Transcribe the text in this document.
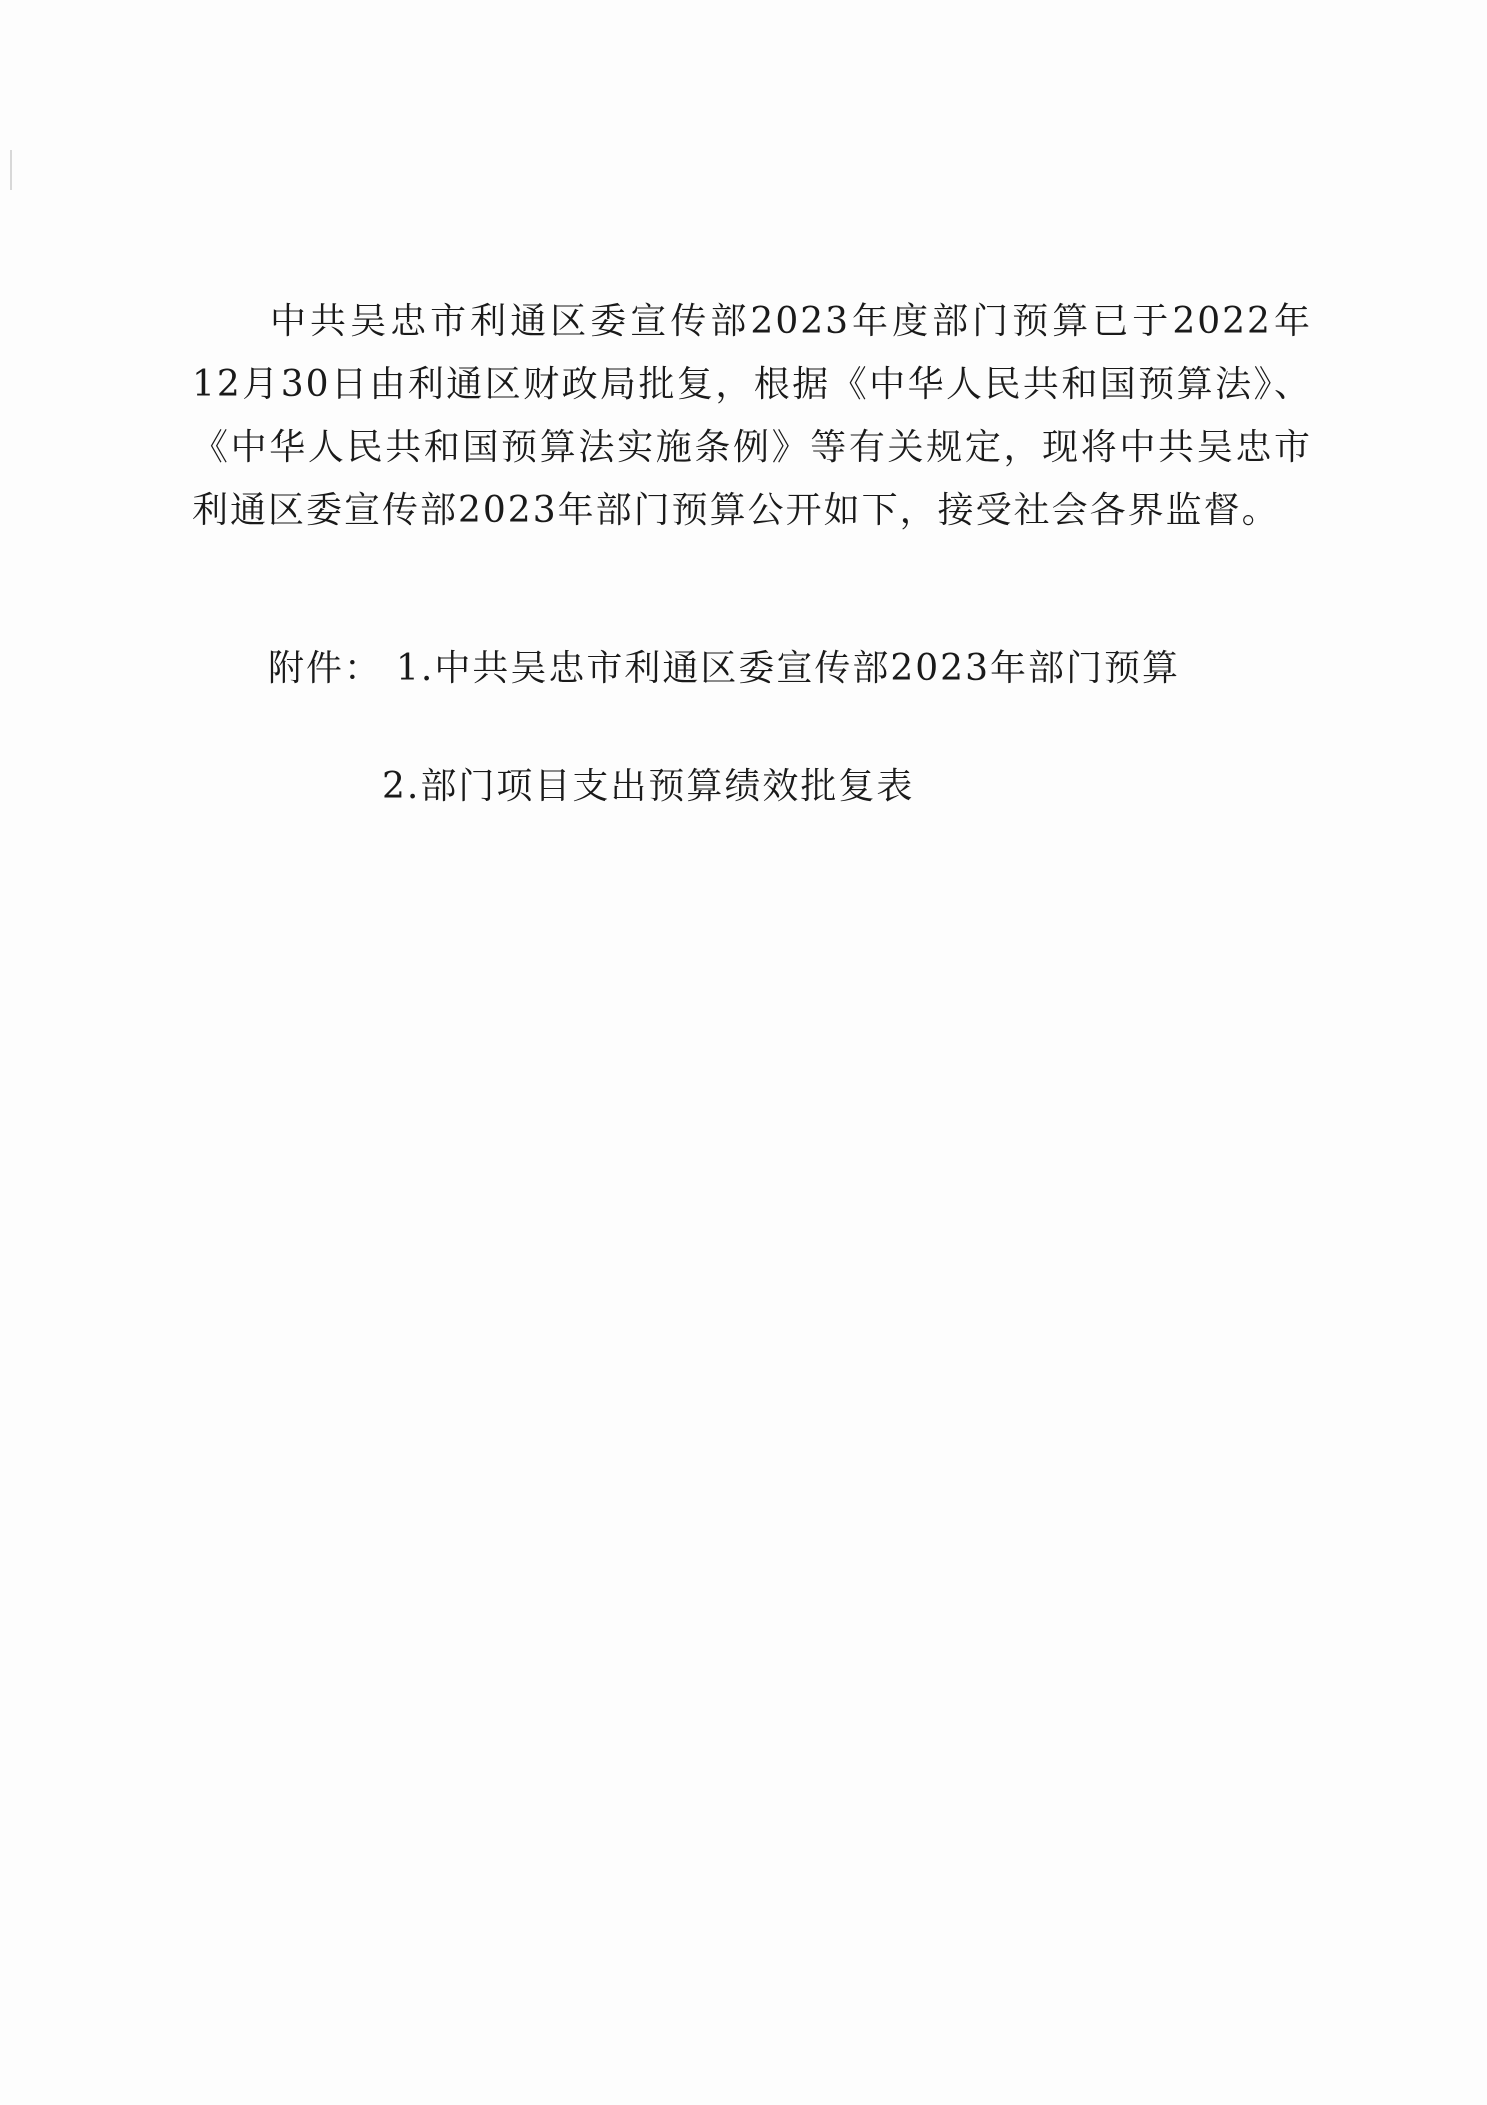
中共吴忠市利通区委宣传部2023年度部门预算已于2022年12月30日由利通区财政局批复，根据《中华人民共和国预算法》、《中华人民共和国预算法实施条例》等有关规定，现将中共吴忠市利通区委宣传部2023年部门预算公开如下，接受社会各界监督。

附件： 1.中共吴忠市利通区委宣传部2023年部门预算
2.部门项目支出预算绩效批复表
